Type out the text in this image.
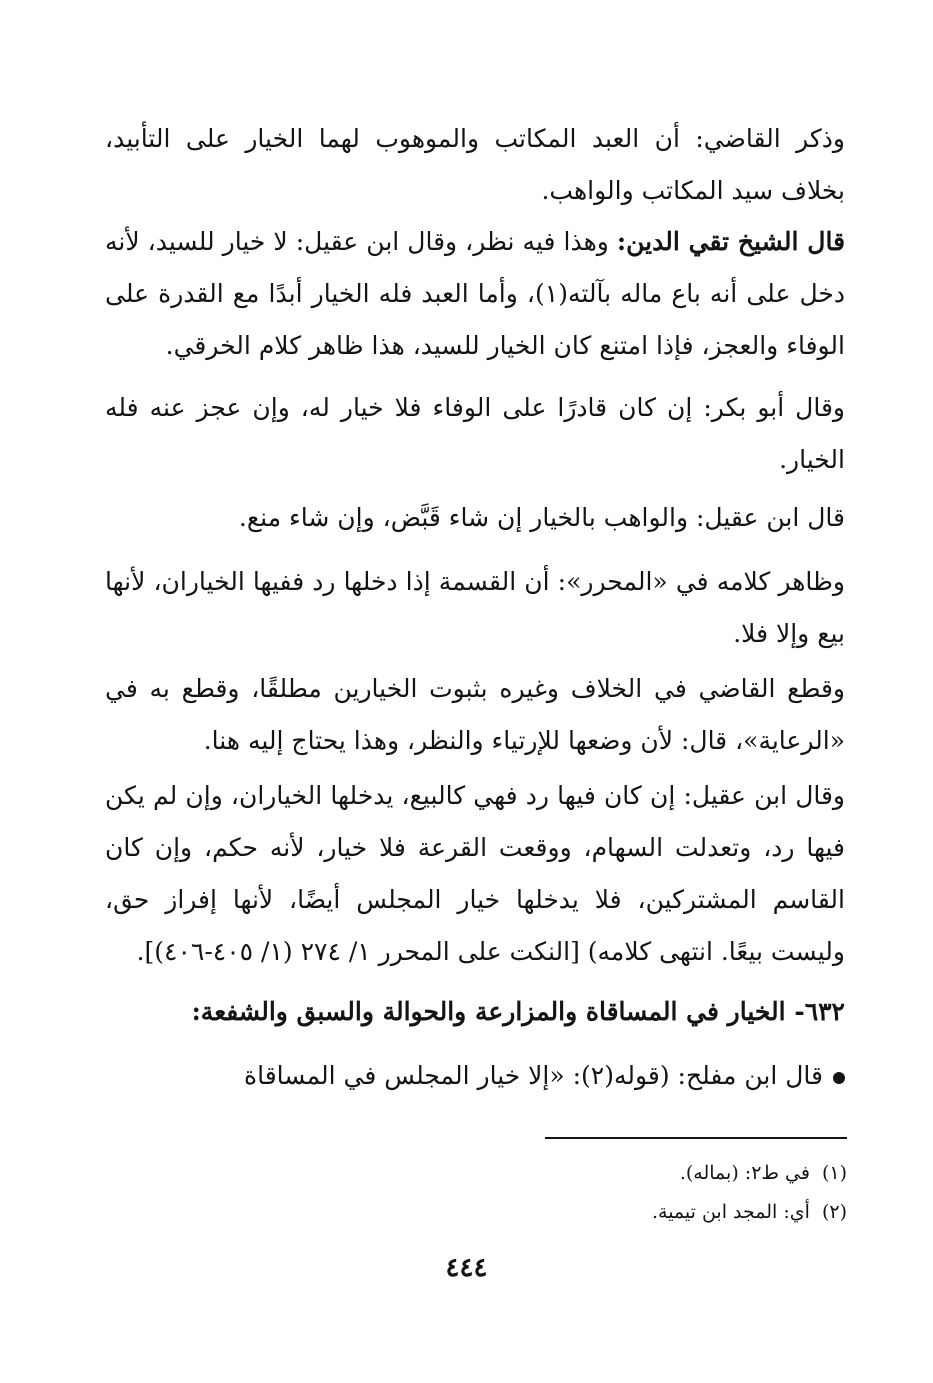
وذكر القاضي: أن العبد المكاتب والموهوب لهما الخيار على التأبيد، بخلاف سيد المكاتب والواهب.

قال الشيخ تقي الدين: وهذا فيه نظر، وقال ابن عقيل: لا خيار للسيد، لأنه دخل على أنه باع ماله بآلته(١)، وأما العبد فله الخيار أبدًا مع القدرة على الوفاء والعجز، فإذا امتنع كان الخيار للسيد، هذا ظاهر كلام الخرقي.

وقال أبو بكر: إن كان قادرًا على الوفاء فلا خيار له، وإن عجز عنه فله الخيار.

قال ابن عقيل: والواهب بالخيار إن شاء قَبَّض، وإن شاء منع.

وظاهر كلامه في «المحرر»: أن القسمة إذا دخلها رد ففيها الخياران، لأنها بيع وإلا فلا.

وقطع القاضي في الخلاف وغيره بثبوت الخيارين مطلقًا، وقطع به في «الرعاية»، قال: لأن وضعها للإرتياء والنظر، وهذا يحتاج إليه هنا.

وقال ابن عقيل: إن كان فيها رد فهي كالبيع، يدخلها الخياران، وإن لم يكن فيها رد، وتعدلت السهام، ووقعت القرعة فلا خيار، لأنه حكم، وإن كان القاسم المشتركين، فلا يدخلها خيار المجلس أيضًا، لأنها إفراز حق، وليست بيعًا. انتهى كلامه) [النكت على المحرر ١/ ٢٧٤ (١/ ٤٠٥-٤٠٦)].

٦٣٢- الخيار في المساقاة والمزارعة والحوالة والسبق والشفعة:

قال ابن مفلح: (قوله(٢): «إلا خيار المجلس في المساقاة

(١)في ط٢: (بماله).
(٢)أي: المجد ابن تيمية.
٤٤٤
